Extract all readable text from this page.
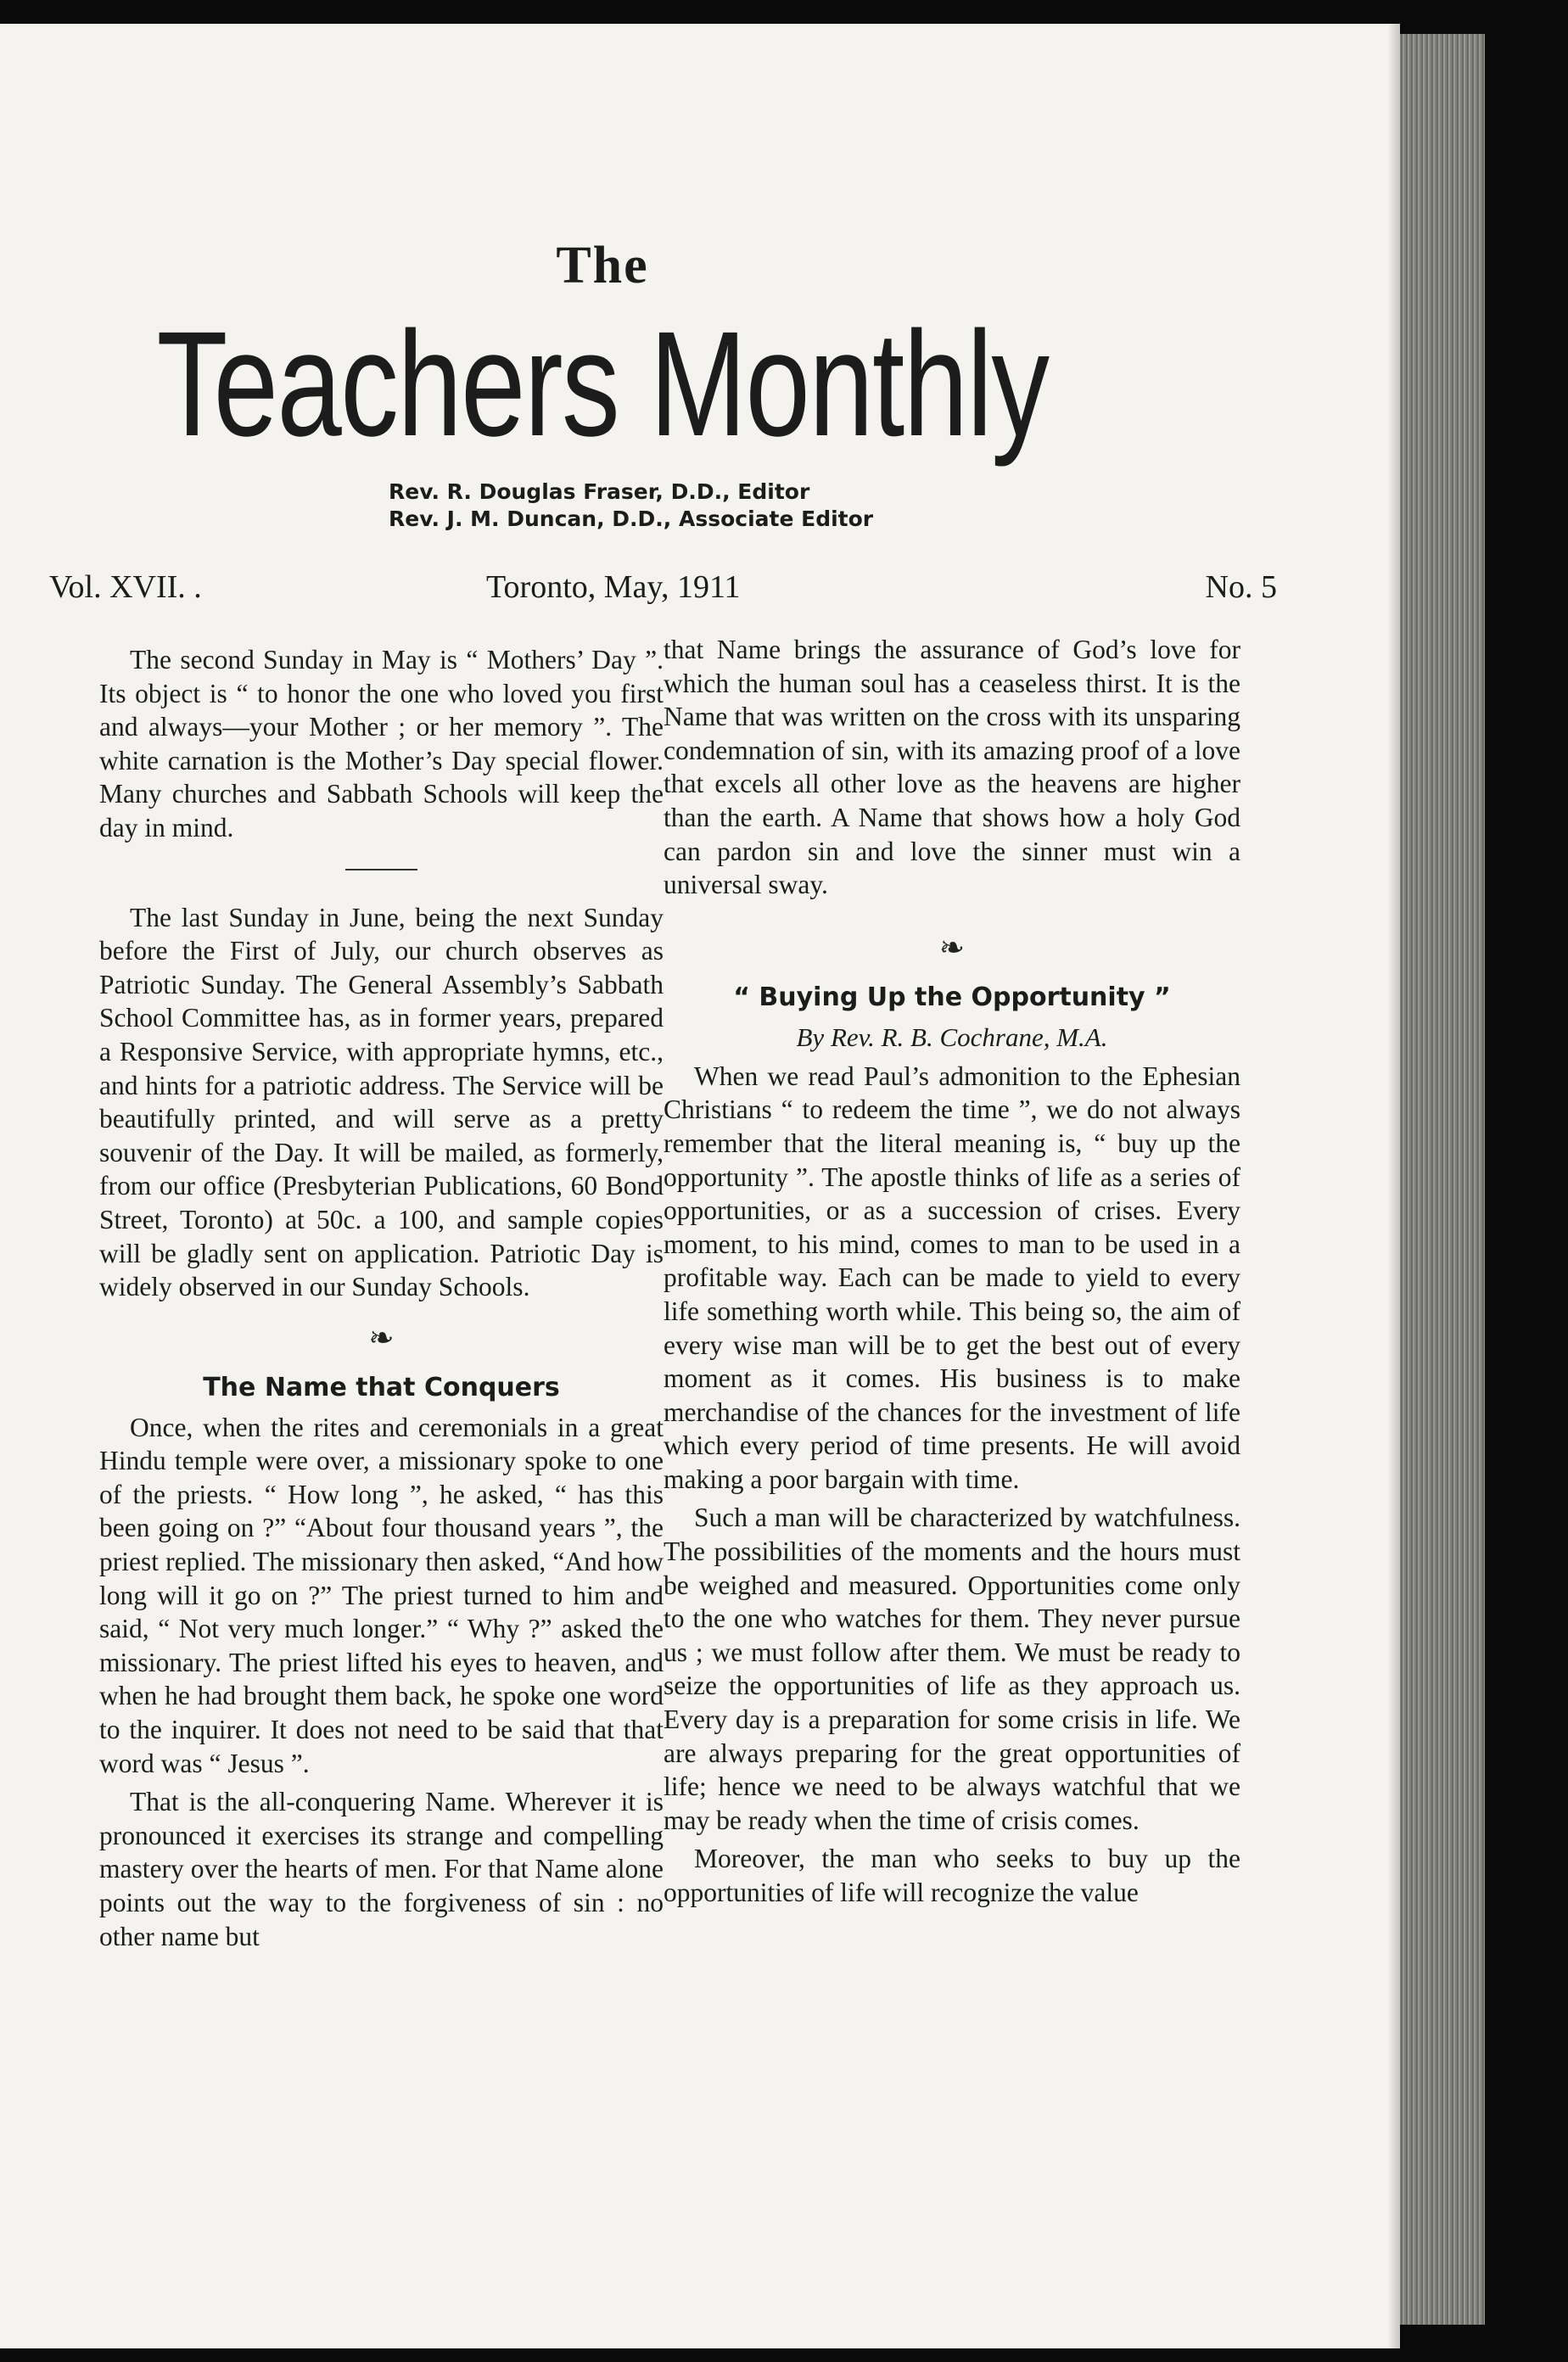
The
Teachers Monthly
Rev. R. Douglas Fraser, D.D., Editor
Rev. J. M. Duncan, D.D., Associate Editor
Vol. XVII. .	Toronto, May, 1911	No. 5

The second Sunday in May is “ Mothers’ Day ”. Its object is “ to honor the one who loved you first and always—your Mother ; or her memory ”. The white carnation is the Mother’s Day special flower. Many churches and Sabbath Schools will keep the day in mind.

The last Sunday in June, being the next Sunday before the First of July, our church observes as Patriotic Sunday. The General Assembly’s Sabbath School Committee has, as in former years, prepared a Responsive Service, with appropriate hymns, etc., and hints for a patriotic address. The Service will be beautifully printed, and will serve as a pretty souvenir of the Day. It will be mailed, as formerly, from our office (Presbyterian Publications, 60 Bond Street, Toronto) at 50c. a 100, and sample copies will be gladly sent on application. Patriotic Day is widely observed in our Sunday Schools.

❧
The Name that Conquers

Once, when the rites and ceremonials in a great Hindu temple were over, a missionary spoke to one of the priests. “ How long ”, he asked, “ has this been going on ?” “About four thousand years ”, the priest replied. The missionary then asked, “And how long will it go on ?” The priest turned to him and said, “ Not very much longer.” “ Why ?” asked the missionary. The priest lifted his eyes to heaven, and when he had brought them back, he spoke one word to the inquirer. It does not need to be said that that word was “ Jesus ”.

That is the all-conquering Name. Wherever it is pronounced it exercises its strange and compelling mastery over the hearts of men. For that Name alone points out the way to the forgiveness of sin : no other name but

that Name brings the assurance of God’s love for which the human soul has a ceaseless thirst. It is the Name that was written on the cross with its unsparing condemnation of sin, with its amazing proof of a love that excels all other love as the heavens are higher than the earth. A Name that shows how a holy God can pardon sin and love the sinner must win a universal sway.

❧
“ Buying Up the Opportunity ”
By Rev. R. B. Cochrane, M.A.

When we read Paul’s admonition to the Ephesian Christians “ to redeem the time ”, we do not always remember that the literal meaning is, “ buy up the opportunity ”. The apostle thinks of life as a series of opportunities, or as a succession of crises. Every moment, to his mind, comes to man to be used in a profitable way. Each can be made to yield to every life something worth while. This being so, the aim of every wise man will be to get the best out of every moment as it comes. His business is to make merchandise of the chances for the investment of life which every period of time presents. He will avoid making a poor bargain with time.

Such a man will be characterized by watchfulness. The possibilities of the moments and the hours must be weighed and measured. Opportunities come only to the one who watches for them. They never pursue us ; we must follow after them. We must be ready to seize the opportunities of life as they approach us. Every day is a preparation for some crisis in life. We are always preparing for the great opportunities of life; hence we need to be always watchful that we may be ready when the time of crisis comes.

Moreover, the man who seeks to buy up the opportunities of life will recognize the value
